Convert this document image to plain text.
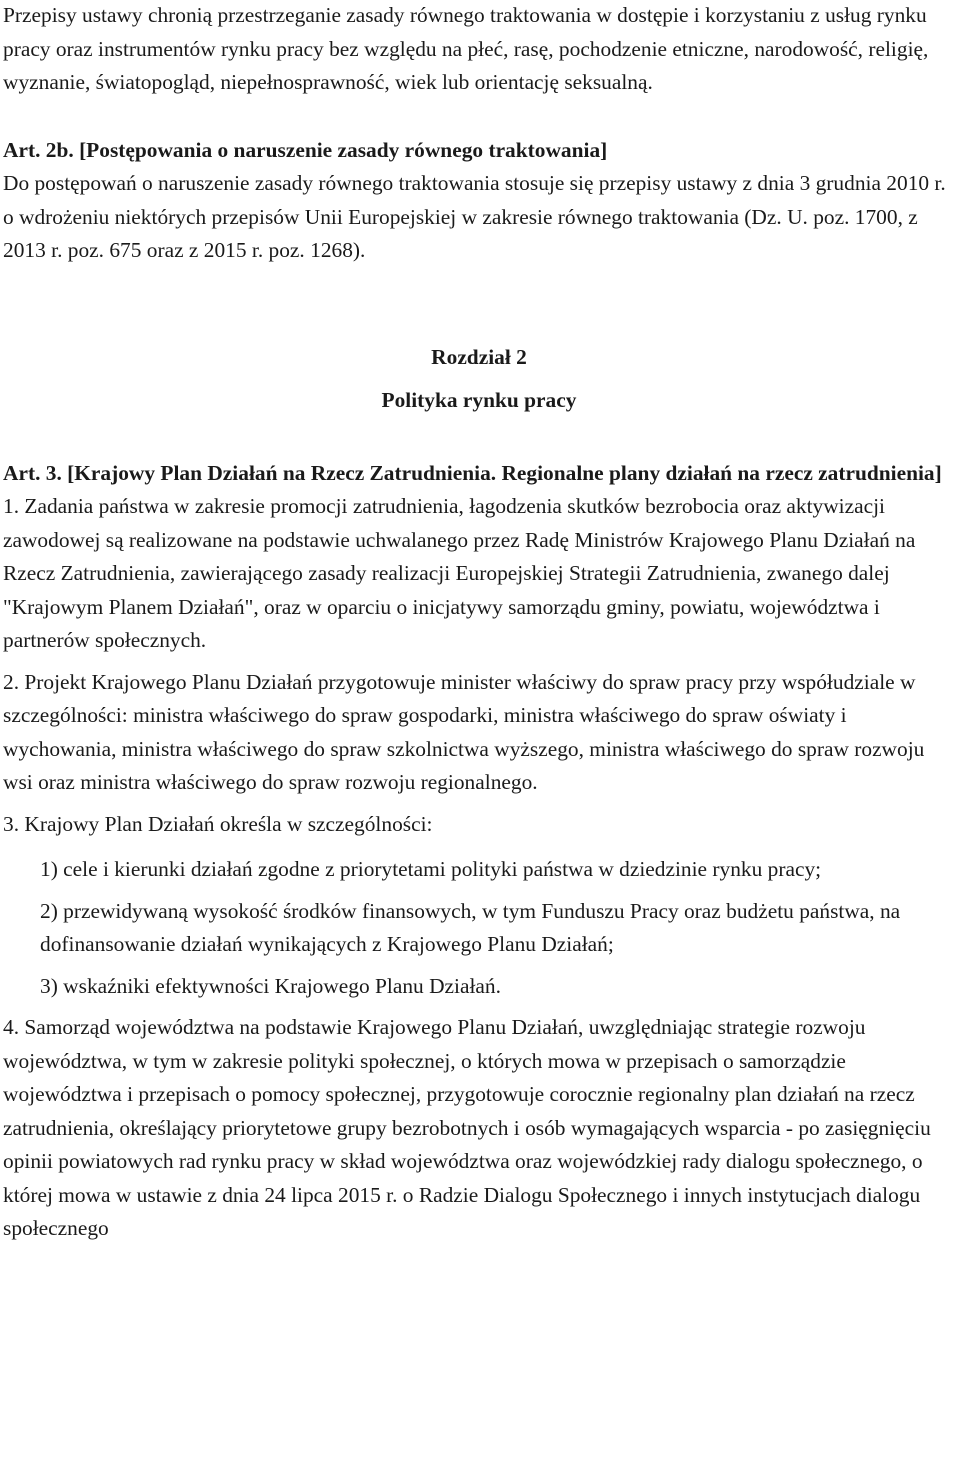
Przepisy ustawy chronią przestrzeganie zasady równego traktowania w dostępie i korzystaniu z usług rynku pracy oraz instrumentów rynku pracy bez względu na płeć, rasę, pochodzenie etniczne, narodowość, religię, wyznanie, światopogląd, niepełnosprawność, wiek lub orientację seksualną.

Art. 2b. [Postępowania o naruszenie zasady równego traktowania]
Do postępowań o naruszenie zasady równego traktowania stosuje się przepisy ustawy z dnia 3 grudnia 2010 r. o wdrożeniu niektórych przepisów Unii Europejskiej w zakresie równego traktowania (Dz. U. poz. 1700, z 2013 r. poz. 675 oraz z 2015 r. poz. 1268).

Rozdział 2

Polityka rynku pracy

Art. 3. [Krajowy Plan Działań na Rzecz Zatrudnienia. Regionalne plany działań na rzecz zatrudnienia]

1. Zadania państwa w zakresie promocji zatrudnienia, łagodzenia skutków bezrobocia oraz aktywizacji zawodowej są realizowane na podstawie uchwalanego przez Radę Ministrów Krajowego Planu Działań na Rzecz Zatrudnienia, zawierającego zasady realizacji Europejskiej Strategii Zatrudnienia, zwanego dalej "Krajowym Planem Działań", oraz w oparciu o inicjatywy samorządu gminy, powiatu, województwa i partnerów społecznych.

2. Projekt Krajowego Planu Działań przygotowuje minister właściwy do spraw pracy przy współudziale w szczególności: ministra właściwego do spraw gospodarki, ministra właściwego do spraw oświaty i wychowania, ministra właściwego do spraw szkolnictwa wyższego, ministra właściwego do spraw rozwoju wsi oraz ministra właściwego do spraw rozwoju regionalnego.

3. Krajowy Plan Działań określa w szczególności:

1) cele i kierunki działań zgodne z priorytetami polityki państwa w dziedzinie rynku pracy;

2) przewidywaną wysokość środków finansowych, w tym Funduszu Pracy oraz budżetu państwa, na dofinansowanie działań wynikających z Krajowego Planu Działań;

3) wskaźniki efektywności Krajowego Planu Działań.

4. Samorząd województwa na podstawie Krajowego Planu Działań, uwzględniając strategie rozwoju województwa, w tym w zakresie polityki społecznej, o których mowa w przepisach o samorządzie województwa i przepisach o pomocy społecznej, przygotowuje corocznie regionalny plan działań na rzecz zatrudnienia, określający priorytetowe grupy bezrobotnych i osób wymagających wsparcia - po zasięgnięciu opinii powiatowych rad rynku pracy w skład województwa oraz wojewódzkiej rady dialogu społecznego, o której mowa w ustawie z dnia 24 lipca 2015 r. o Radzie Dialogu Społecznego i innych instytucjach dialogu społecznego
